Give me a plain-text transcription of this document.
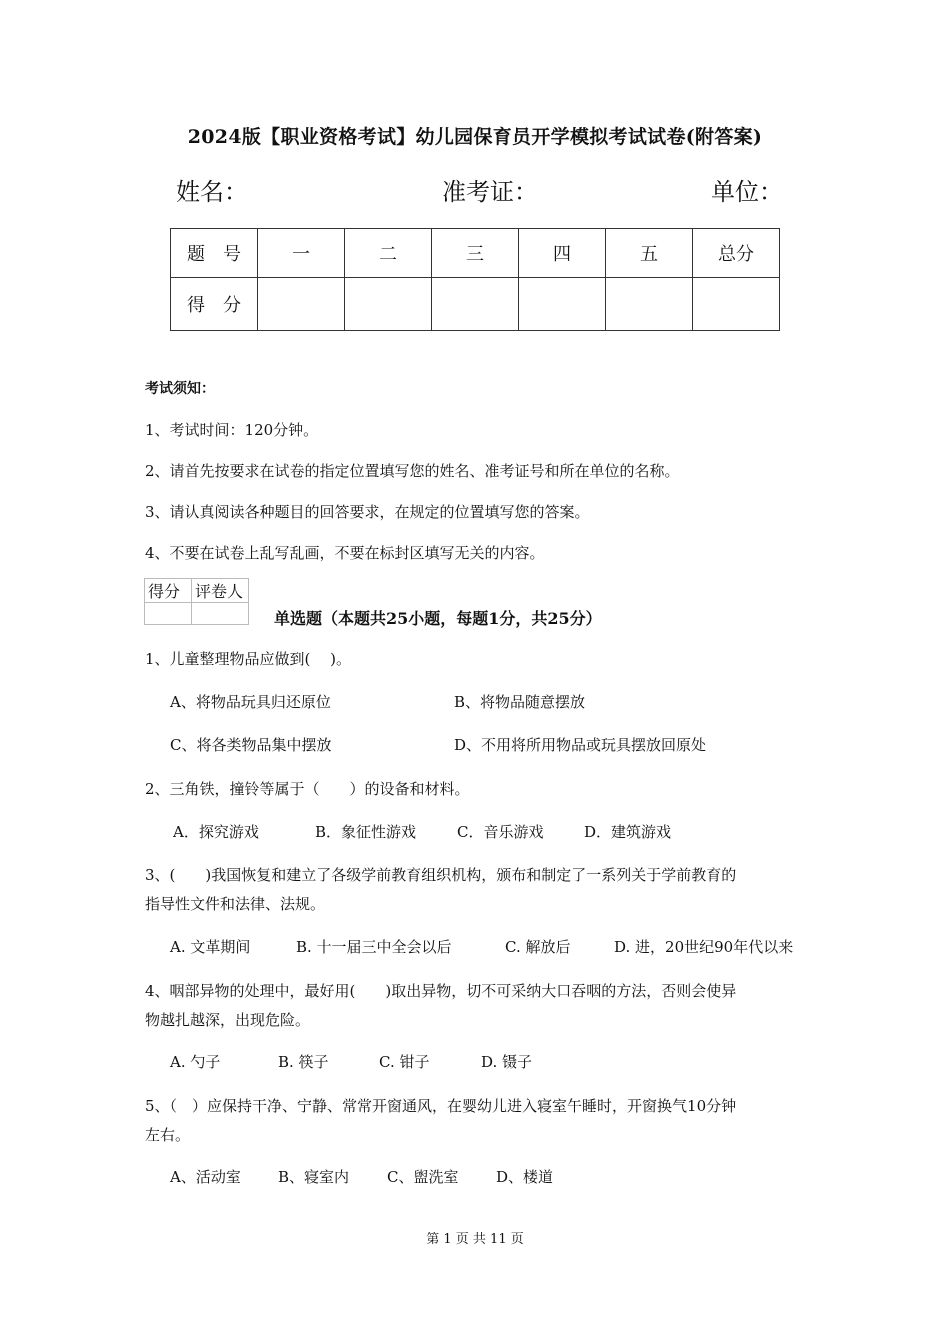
2024版【职业资格考试】幼儿园保育员开学模拟考试试卷(附答案)
姓名：	准考证：	单位：
题　号	一	二	三	四	五	总分
得　分						
考试须知：
1、考试时间：120分钟。
2、请首先按要求在试卷的指定位置填写您的姓名、准考证号和所在单位的名称。
3、请认真阅读各种题目的回答要求，在规定的位置填写您的答案。
4、不要在试卷上乱写乱画，不要在标封区填写无关的内容。
得分	评卷人

单选题（本题共25小题，每题1分，共25分）
1、儿童整理物品应做到(　 )。
A、将物品玩具归还原位	B、将物品随意摆放
C、将各类物品集中摆放	D、不用将所用物品或玩具摆放回原处
2、三角铁，撞铃等属于（　　）的设备和材料。
A．探究游戏	B．象征性游戏	C．音乐游戏	D．建筑游戏
3、(　　)我国恢复和建立了各级学前教育组织机构，颁布和制定了一系列关于学前教育的
指导性文件和法律、法规。
A. 文革期间	B. 十一届三中全会以后	C. 解放后	D. 进，20世纪90年代以来
4、咽部异物的处理中，最好用(　　)取出异物，切不可采纳大口吞咽的方法，否则会使异
物越扎越深，出现危险。
A. 勺子	B. 筷子	C. 钳子	D. 镊子
5、（　）应保持干净、宁静、常常开窗通风，在婴幼儿进入寝室午睡时，开窗换气10分钟
左右。
A、活动室 B、寝室内	C、盥洗室	D、楼道
第 1 页 共 11 页
